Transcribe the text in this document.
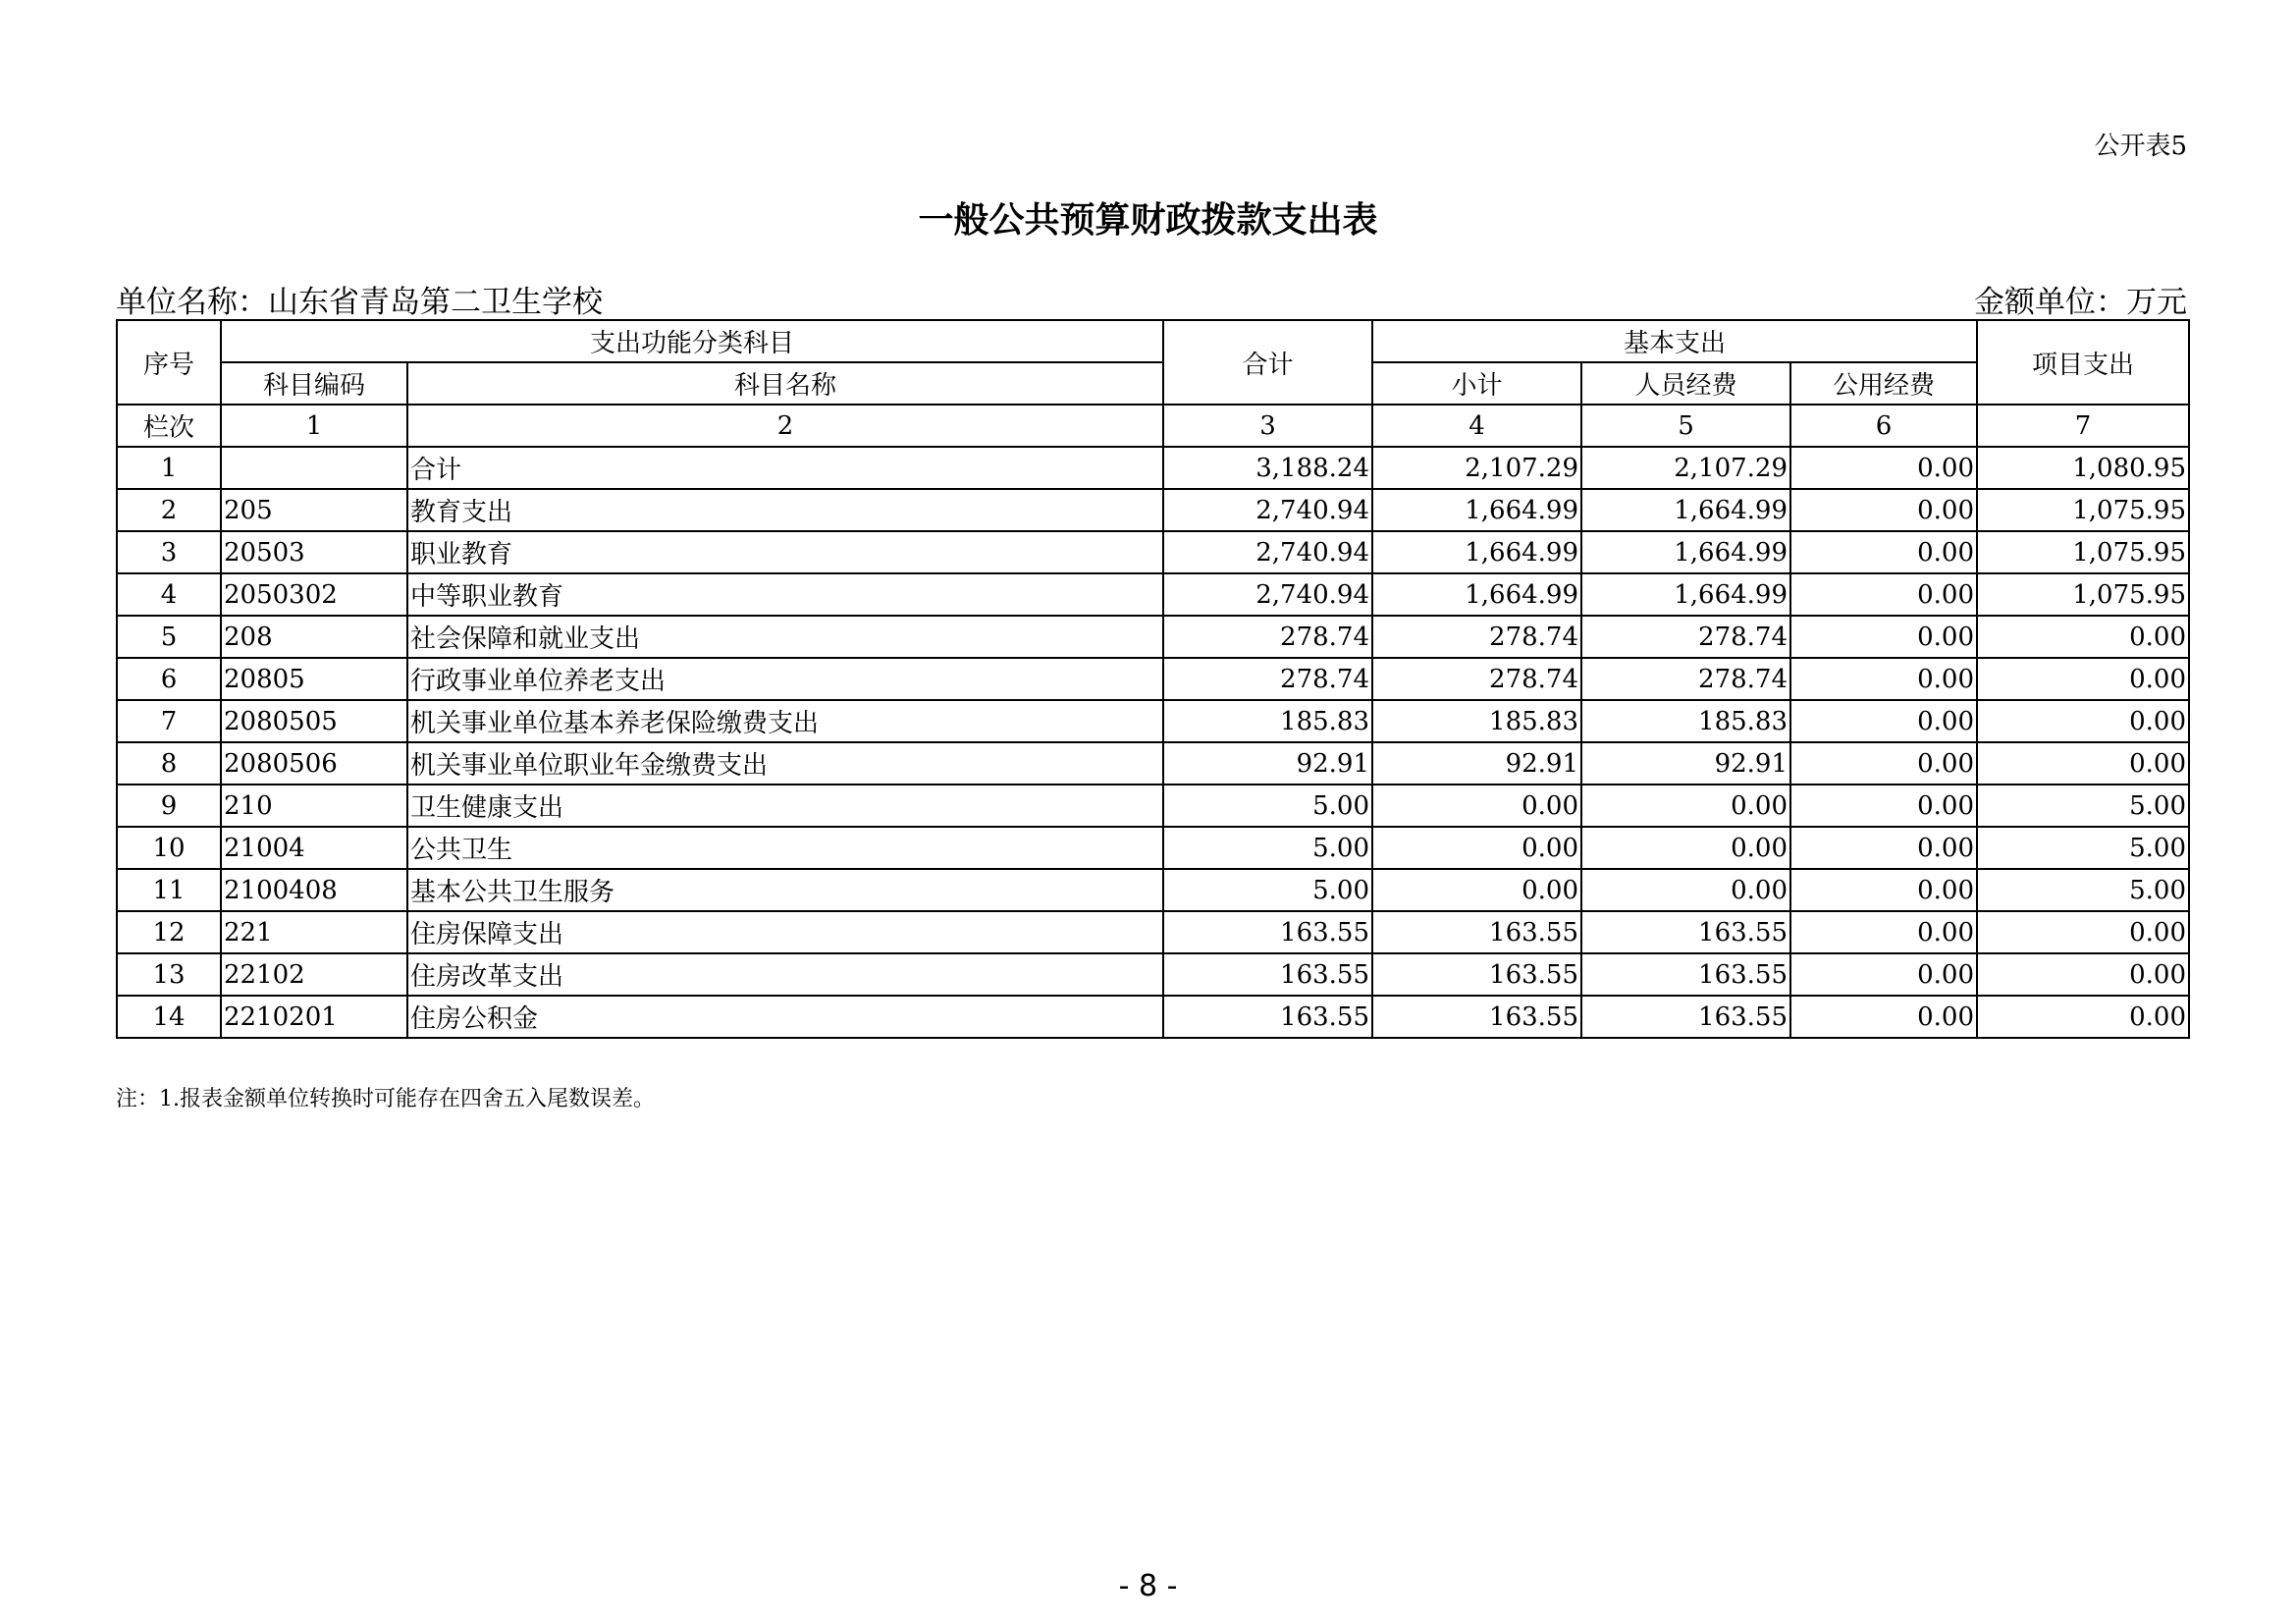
公开表5
一般公共预算财政拨款支出表
单位名称：山东省青岛第二卫生学校	金额单位：万元
序号	支出功能分类科目		合计	基本支出			项目支出
	科目编码	科目名称		小计	人员经费	公用经费	
栏次	1	2	3	4	5	6	7
1		合计	3,188.24	2,107.29	2,107.29	0.00	1,080.95
2	205	教育支出	2,740.94	1,664.99	1,664.99	0.00	1,075.95
3	20503	职业教育	2,740.94	1,664.99	1,664.99	0.00	1,075.95
4	2050302	中等职业教育	2,740.94	1,664.99	1,664.99	0.00	1,075.95
5	208	社会保障和就业支出	278.74	278.74	278.74	0.00	0.00
6	20805	行政事业单位养老支出	278.74	278.74	278.74	0.00	0.00
7	2080505	机关事业单位基本养老保险缴费支出	185.83	185.83	185.83	0.00	0.00
8	2080506	机关事业单位职业年金缴费支出	92.91	92.91	92.91	0.00	0.00
9	210	卫生健康支出	5.00	0.00	0.00	0.00	5.00
10	21004	公共卫生	5.00	0.00	0.00	0.00	5.00
11	2100408	基本公共卫生服务	5.00	0.00	0.00	0.00	5.00
12	221	住房保障支出	163.55	163.55	163.55	0.00	0.00
13	22102	住房改革支出	163.55	163.55	163.55	0.00	0.00
14	2210201	住房公积金	163.55	163.55	163.55	0.00	0.00
注：1.报表金额单位转换时可能存在四舍五入尾数误差。
- 8 -
